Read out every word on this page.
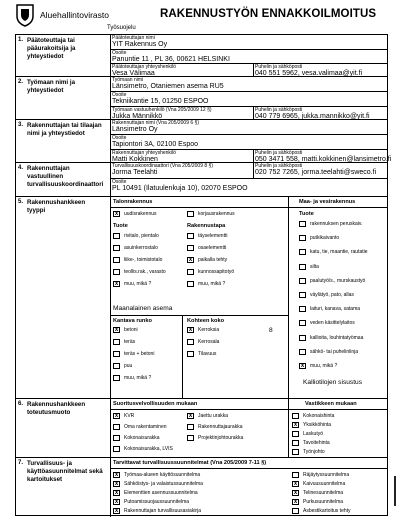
Aluehallintovirasto
Työsuojelu
RAKENNUSTYÖN ENNAKKOILMOITUS
1. Päätoteuttaja tai pääurakoitsija ja yhteystiedot
Päätoteuttajan nimi
YIT Rakennus Oy
Osoite
Panuntie 11 , PL 36, 00621 HELSINKI
Päätoteuttajan yhteyshenkilö
Vesa Välimaa
Puhelin ja sähköposti
040 551 5962, vesa.valimaa@yit.fi
2. Työmaan nimi ja yhteystiedot
Työmaan nimi
Länsimetro, Otaniemen asema RU5
Osoite
Tekniikantie 15, 01250 ESPOO
Työmaan vastuuhenkilö (Vna 205/2009 12 §)
Jukka Männikkö
Puhelin ja sähköposti
040 779 6965, jukka.mannikko@yit.fi
3. Rakennuttajan tai tilaajan nimi ja yhteystiedot
Rakennuttajan nimi (Vna 205/2009 6 §)
Länsimetro Oy
Osoite
Tapiontori 3A, 02100 Espoo
Rakennuttajan yhteyshenkilö
Matti Kokkinen
Puhelin ja sähköposti
050 3471 558, matti.kokkinen@lansimetro.fi
4. Rakennuttajan vastuullinen turvallisuuskoordinaattori
Turvallisuuskoordinaattori (Vna 205/2009 8 §)
Jorma Teelahti
Puhelin ja sähköposti
020 752 7265, jorma.teelahti@sweco.fi
Osoite
PL 10491 (Ilatuulenkuja 10), 02070 ESPOO
5. Rakennushankkeen tyyppi
Talonrakennus	Maa- ja vesirakennus
x	uudisrakennus	korjausrakennus
Tuote	Rakennustapa
rivitalo, pientalo
asuinkerrostalo
liike-, toimistotalo
teollis.rak., varasto
x	muu, mikä ?
täyselementti
osaelementti
x	paikalla tehty
kunnossapitotyö
muu, mikä ?
Maanalainen asema
Kantava runko	Kohteen koko
x	betoni
teräs
teräs + betoni
puu
muu, mikä ?
x	Kerroksia
Kerrosala
Tilavuus
8
Tuote
rakennuksen peruskaiv.
putkikaivanto
katu, tie, maantie, rautatie
silta
paalutyö/s., murskaustyö
väylätyö, pato, allas
laituri, kanava, satama
veden käsittelylaitos
kallioita, louhintatyömaa
sähkö- tai puhelinlinja
x	muu, mikä ?
Kalliotilojen sisustus
6. Rakennushankkeen toteutusmuoto
Suoritusvelvollisuuden mukaan	Vastikkeen mukaan
x	KVR
Oma rakentaminen
Kokonaisurakka
Kokonaisurakka, LVIS
x	Jaettu urakka
Rakennuttajaurakka
Projektinjohtourakka
Kokonaishinta
x	Yksikköhinta
Laskutyö
Tavoitehinta
Työnjohto
7. Turvallisuus- ja käyttöasuunnitelmat sekä kartoitukset
Tarvittavat turvallisuussuunnitelmat (Vna 205/2009 7-11 §)
x	Työmaa-alueen käyttösuunnitelma
x	Sähköistys- ja valaistussuunnitelma
x	Elementtien asennussuunnitelma
x	Putoamissuojaussuunnitelma
x	Rakennuttajan turvallisuusasiakirja
Räjäytyssuunnitelma
x	Kaivuusuunnitelma
x	Telinesuunnitelma
x	Purkusuunnitelma
Asbestikartoitus tehty
